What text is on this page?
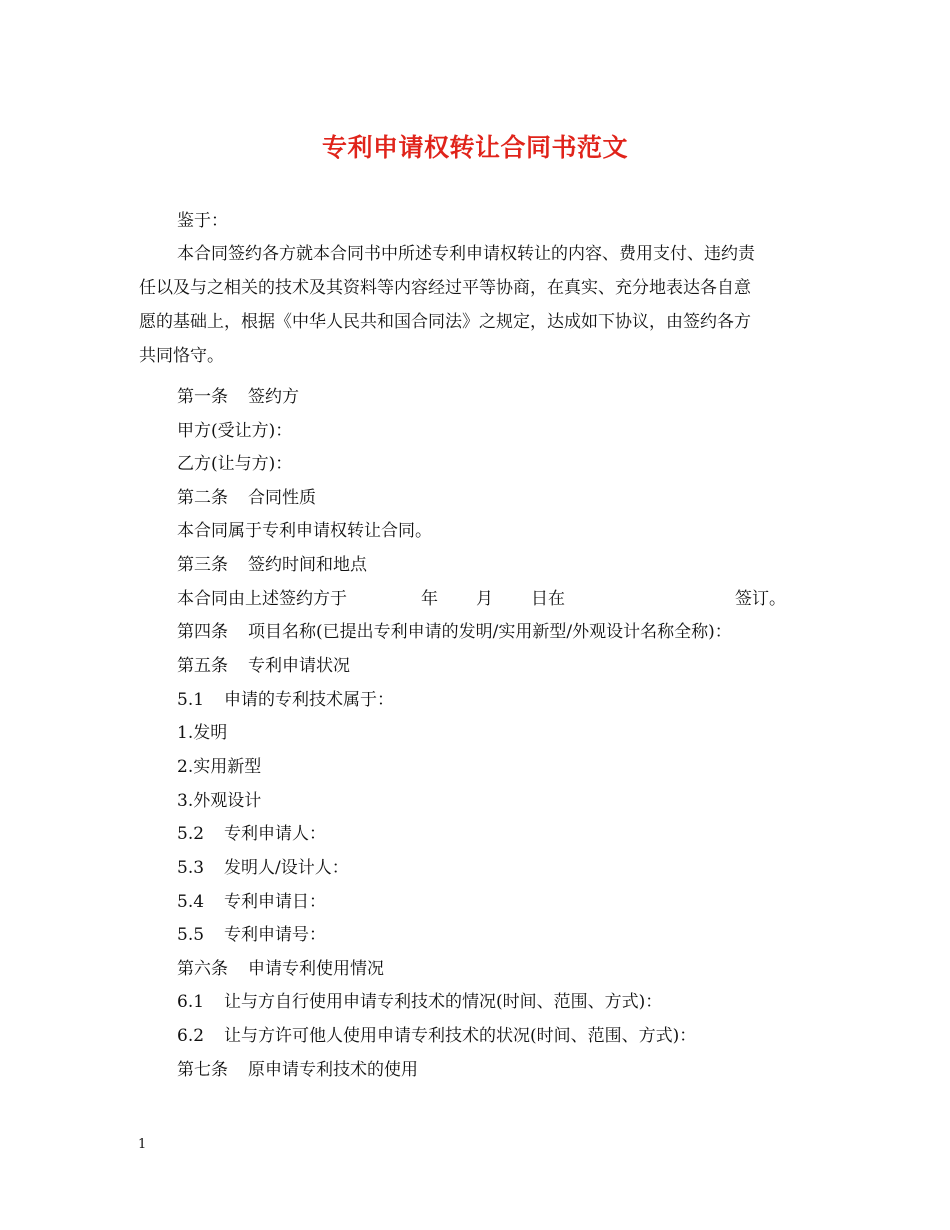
专利申请权转让合同书范文
鉴于：
本合同签约各方就本合同书中所述专利申请权转让的内容、费用支付、违约责
任以及与之相关的技术及其资料等内容经过平等协商，在真实、充分地表达各自意
愿的基础上，根据《中华人民共和国合同法》之规定，达成如下协议，由签约各方
共同恪守。
第一条 签约方
甲方(受让方)：
乙方(让与方)：
第二条 合同性质
本合同属于专利申请权转让合同。
第三条 签约时间和地点
本合同由上述签约方于	年 月 日在	签订。
第四条 项目名称(已提出专利申请的发明/实用新型/外观设计名称全称)：
第五条 专利申请状况
5.1 申请的专利技术属于：
1.发明
2.实用新型
3.外观设计
5.2 专利申请人：
5.3 发明人/设计人：
5.4 专利申请日：
5.5 专利申请号：
第六条 申请专利使用情况
6.1 让与方自行使用申请专利技术的情况(时间、范围、方式)：
6.2 让与方许可他人使用申请专利技术的状况(时间、范围、方式)：
第七条 原申请专利技术的使用
1
